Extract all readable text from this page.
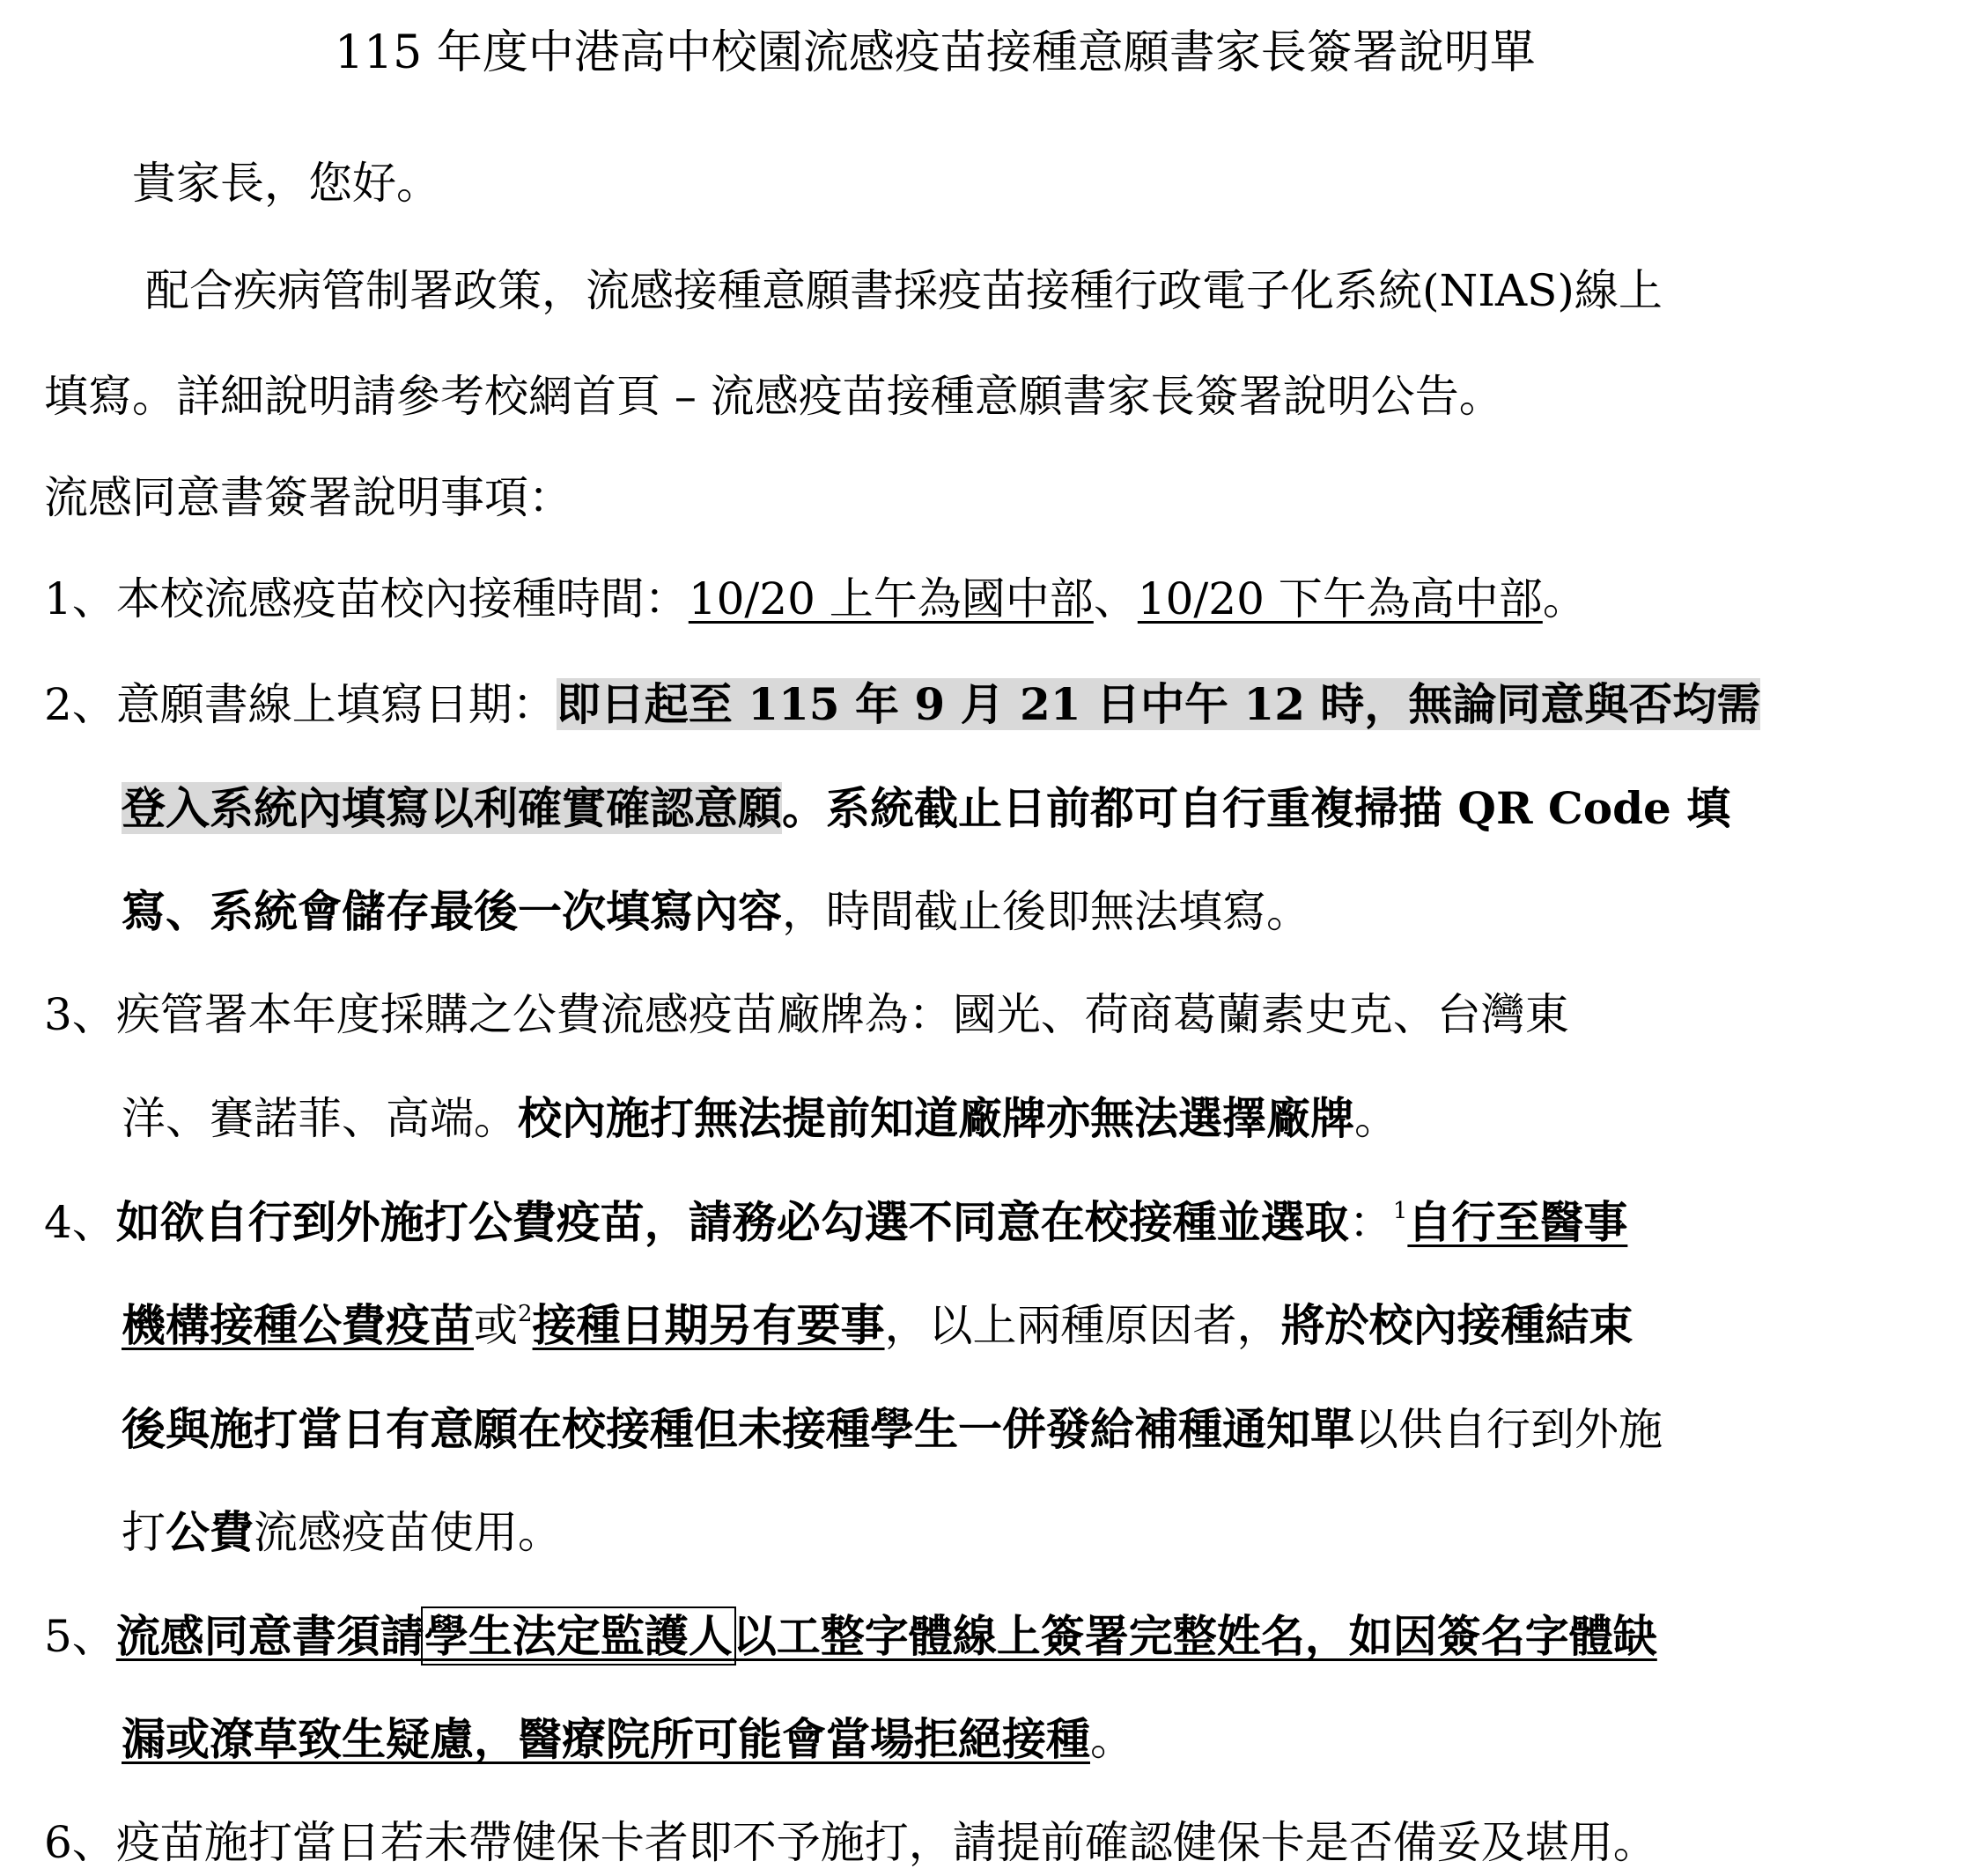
115 年度中港高中校園流感疫苗接種意願書家長簽署說明單
貴家長，您好。
配合疾病管制署政策，流感接種意願書採疫苗接種行政電子化系統(NIAS)線上
填寫。詳細說明請參考校網首頁 – 流感疫苗接種意願書家長簽署說明公告。
流感同意書簽署說明事項：
1、本校流感疫苗校內接種時間：10/20 上午為國中部、10/20 下午為高中部。
2、意願書線上填寫日期：即日起至 115 年 9 月 21 日中午 12 時，無論同意與否均需
登入系統內填寫以利確實確認意願。系統截止日前都可自行重複掃描 QR Code 填
寫、系統會儲存最後一次填寫內容，時間截止後即無法填寫。
3、疾管署本年度採購之公費流感疫苗廠牌為：國光、荷商葛蘭素史克、台灣東
洋、賽諾菲、高端。校內施打無法提前知道廠牌亦無法選擇廠牌。
4、如欲自行到外施打公費疫苗，請務必勾選不同意在校接種並選取：$^1$自行至醫事
機構接種公費疫苗或$^2$接種日期另有要事，以上兩種原因者，將於校內接種結束
後與施打當日有意願在校接種但未接種學生一併發給補種通知單以供自行到外施
打公費流感疫苗使用。
5、流感同意書須請學生法定監護人以工整字體線上簽署完整姓名，如因簽名字體缺
漏或潦草致生疑慮，醫療院所可能會當場拒絕接種。
6、疫苗施打當日若未帶健保卡者即不予施打，請提前確認健保卡是否備妥及堪用。
